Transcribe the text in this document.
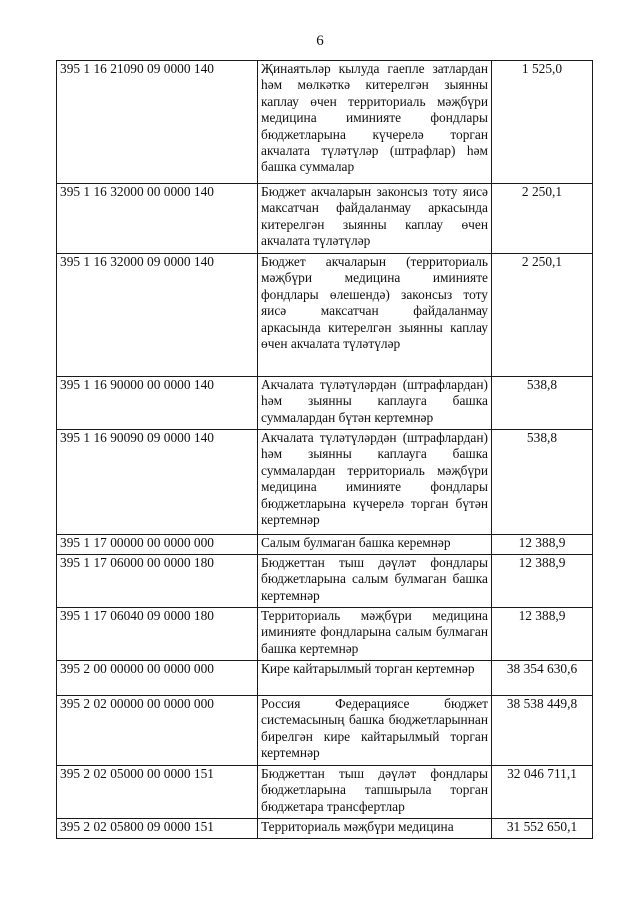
6
395 1 16 21090 09 0000 140	Җинаятьләр кылуда гаепле затлардан һәм мөлкәткә китерелгән зыянны каплау өчен территориаль мәҗбүри медицина иминияте фондлары бюджетларына күчерелә торган акчалата түләтүләр (штрафлар) һәм башка суммалар	1 525,0
395 1 16 32000 00 0000 140	Бюджет акчаларын законсыз тоту яисә максатчан файдаланмау аркасында китерелгән зыянны каплау өчен акчалата түләтүләр	2 250,1
395 1 16 32000 09 0000 140	Бюджет акчаларын (территориаль мәҗбүри медицина иминияте фондлары өлешендә) законсыз тоту яисә максатчан файдаланмау аркасында китерелгән зыянны каплау өчен акчалата түләтүләр	2 250,1
395 1 16 90000 00 0000 140	Акчалата түләтүләрдән (штрафлардан) һәм зыянны каплауга башка суммалардан бүтән кертемнәр	538,8
395 1 16 90090 09 0000 140	Акчалата түләтүләрдән (штрафлардан) һәм зыянны каплауга башка суммалардан территориаль мәҗбүри медицина иминияте фондлары бюджетларына күчерелә торган бүтән кертемнәр	538,8
395 1 17 00000 00 0000 000	Салым булмаган башка керемнәр	12 388,9
395 1 17 06000 00 0000 180	Бюджеттан тыш дәүләт фондлары бюджетларына салым булмаган башка кертемнәр	12 388,9
395 1 17 06040 09 0000 180	Территориаль мәҗбүри медицина иминияте фондларына салым булмаган башка кертемнәр	12 388,9
395 2 00 00000 00 0000 000	Кире кайтарылмый торган кертемнәр	38 354 630,6
395 2 02 00000 00 0000 000	Россия Федерациясе бюджет системасының башка бюджетларыннан бирелгән кире кайтарылмый торган кертемнәр	38 538 449,8
395 2 02 05000 00 0000 151	Бюджеттан тыш дәүләт фондлары бюджетларына тапшырыла торган бюджетара трансфертлар	32 046 711,1
395 2 02 05800 09 0000 151	Территориаль мәҗбүри медицина	31 552 650,1
